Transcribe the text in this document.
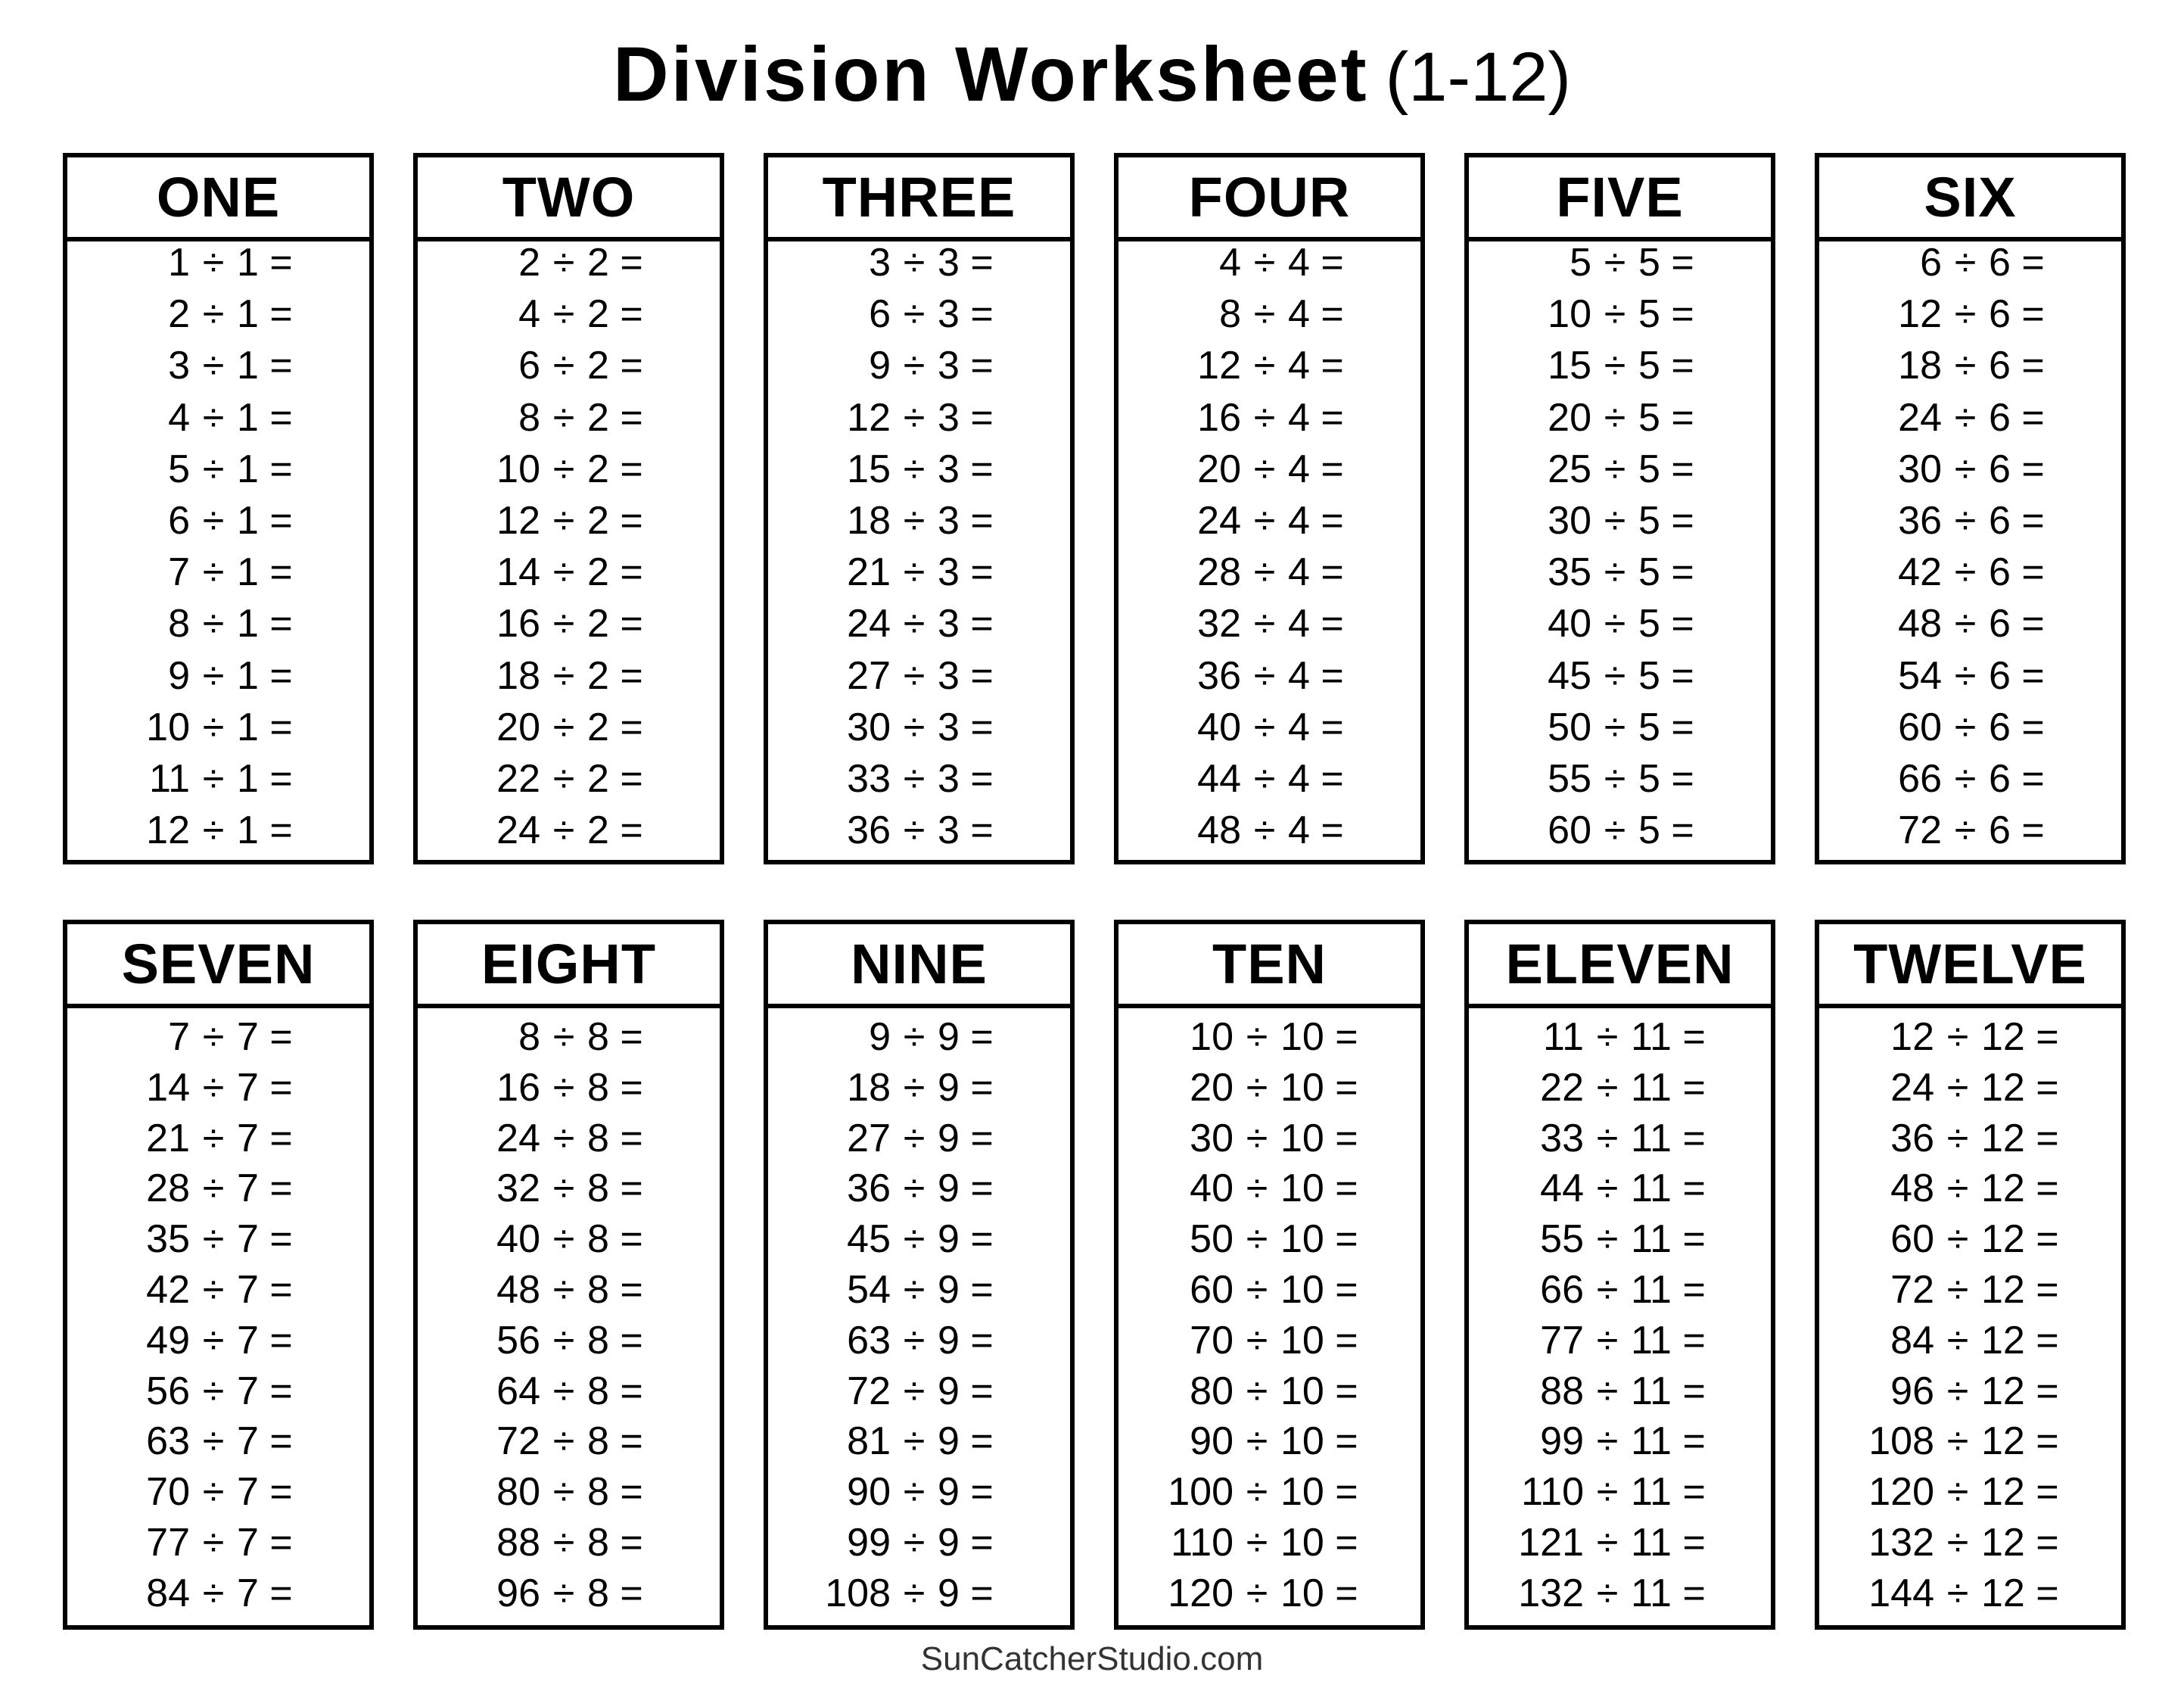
Division Worksheet (1-12)
ONE
1 ÷ 1 =
2 ÷ 1 =
3 ÷ 1 =
4 ÷ 1 =
5 ÷ 1 =
6 ÷ 1 =
7 ÷ 1 =
8 ÷ 1 =
9 ÷ 1 =
10 ÷ 1 =
11 ÷ 1 =
12 ÷ 1 =
TWO
2 ÷ 2 =
4 ÷ 2 =
6 ÷ 2 =
8 ÷ 2 =
10 ÷ 2 =
12 ÷ 2 =
14 ÷ 2 =
16 ÷ 2 =
18 ÷ 2 =
20 ÷ 2 =
22 ÷ 2 =
24 ÷ 2 =
THREE
3 ÷ 3 =
6 ÷ 3 =
9 ÷ 3 =
12 ÷ 3 =
15 ÷ 3 =
18 ÷ 3 =
21 ÷ 3 =
24 ÷ 3 =
27 ÷ 3 =
30 ÷ 3 =
33 ÷ 3 =
36 ÷ 3 =
FOUR
4 ÷ 4 =
8 ÷ 4 =
12 ÷ 4 =
16 ÷ 4 =
20 ÷ 4 =
24 ÷ 4 =
28 ÷ 4 =
32 ÷ 4 =
36 ÷ 4 =
40 ÷ 4 =
44 ÷ 4 =
48 ÷ 4 =
FIVE
5 ÷ 5 =
10 ÷ 5 =
15 ÷ 5 =
20 ÷ 5 =
25 ÷ 5 =
30 ÷ 5 =
35 ÷ 5 =
40 ÷ 5 =
45 ÷ 5 =
50 ÷ 5 =
55 ÷ 5 =
60 ÷ 5 =
SIX
6 ÷ 6 =
12 ÷ 6 =
18 ÷ 6 =
24 ÷ 6 =
30 ÷ 6 =
36 ÷ 6 =
42 ÷ 6 =
48 ÷ 6 =
54 ÷ 6 =
60 ÷ 6 =
66 ÷ 6 =
72 ÷ 6 =
SEVEN
7 ÷ 7 =
14 ÷ 7 =
21 ÷ 7 =
28 ÷ 7 =
35 ÷ 7 =
42 ÷ 7 =
49 ÷ 7 =
56 ÷ 7 =
63 ÷ 7 =
70 ÷ 7 =
77 ÷ 7 =
84 ÷ 7 =
EIGHT
8 ÷ 8 =
16 ÷ 8 =
24 ÷ 8 =
32 ÷ 8 =
40 ÷ 8 =
48 ÷ 8 =
56 ÷ 8 =
64 ÷ 8 =
72 ÷ 8 =
80 ÷ 8 =
88 ÷ 8 =
96 ÷ 8 =
NINE
9 ÷ 9 =
18 ÷ 9 =
27 ÷ 9 =
36 ÷ 9 =
45 ÷ 9 =
54 ÷ 9 =
63 ÷ 9 =
72 ÷ 9 =
81 ÷ 9 =
90 ÷ 9 =
99 ÷ 9 =
108 ÷ 9 =
TEN
10 ÷ 10 =
20 ÷ 10 =
30 ÷ 10 =
40 ÷ 10 =
50 ÷ 10 =
60 ÷ 10 =
70 ÷ 10 =
80 ÷ 10 =
90 ÷ 10 =
100 ÷ 10 =
110 ÷ 10 =
120 ÷ 10 =
ELEVEN
11 ÷ 11 =
22 ÷ 11 =
33 ÷ 11 =
44 ÷ 11 =
55 ÷ 11 =
66 ÷ 11 =
77 ÷ 11 =
88 ÷ 11 =
99 ÷ 11 =
110 ÷ 11 =
121 ÷ 11 =
132 ÷ 11 =
TWELVE
12 ÷ 12 =
24 ÷ 12 =
36 ÷ 12 =
48 ÷ 12 =
60 ÷ 12 =
72 ÷ 12 =
84 ÷ 12 =
96 ÷ 12 =
108 ÷ 12 =
120 ÷ 12 =
132 ÷ 12 =
144 ÷ 12 =
SunCatcherStudio.com
